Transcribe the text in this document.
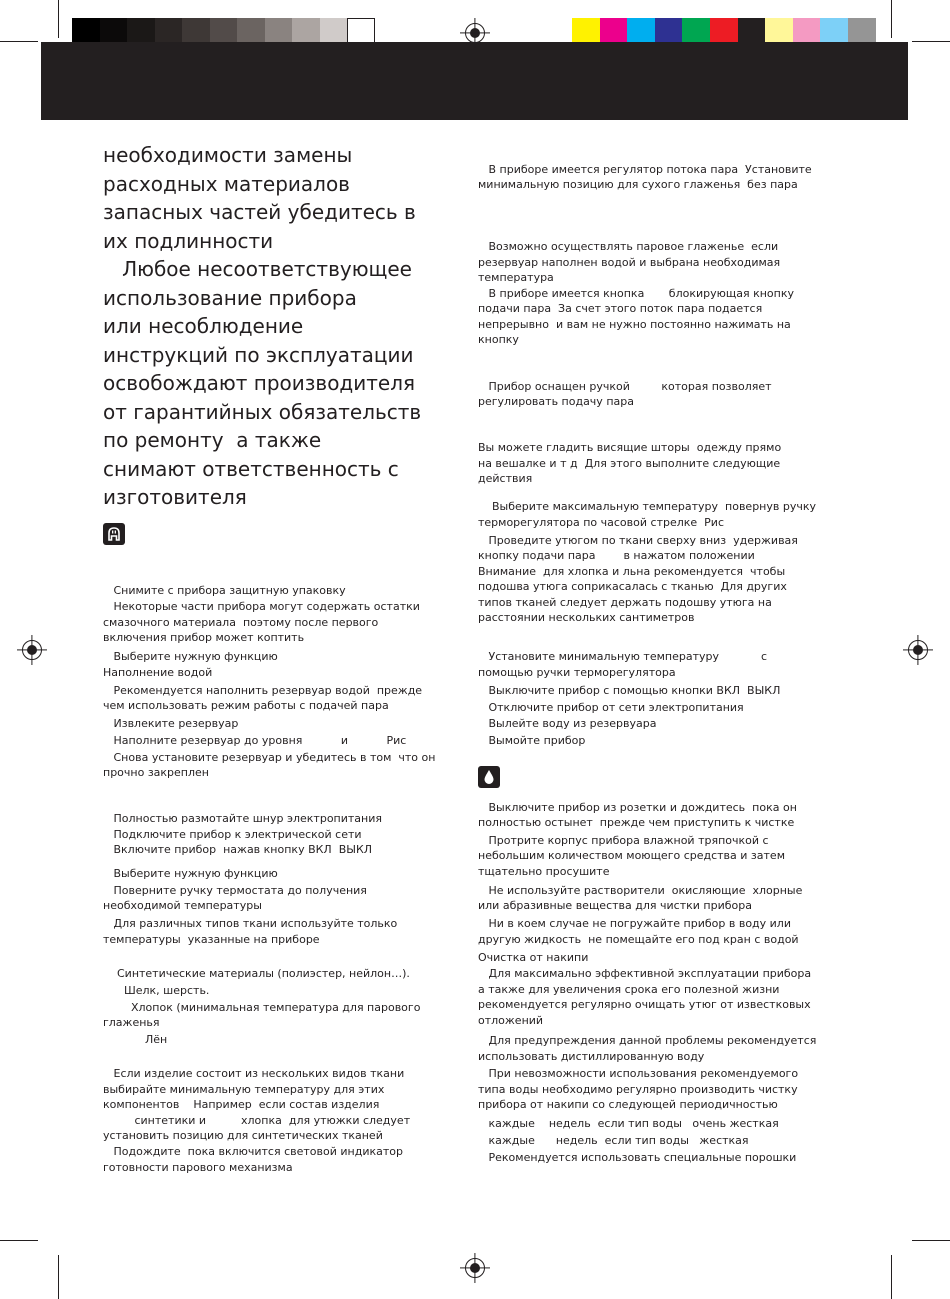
необходимости замены
расходных материалов
запасных частей убедитесь в
их подлинности
Любое несоответствующее
использование прибора
или несоблюдение
инструкций по эксплуатации
освобождают производителя
от гарантийных обязательств
по ремонту  а также
снимают ответственность с
изготовителя
Снимите с прибора защитную упаковку
Некоторые части прибора могут содержать остатки
смазочного материала  поэтому после первого
включения прибор может коптить
Выберите нужную функцию
Наполнение водой
Рекомендуется наполнить резервуар водой  прежде
чем использовать режим работы с подачей пара
Извлеките резервуар
Наполните резервуар до уровня           и           Рис
Снова установите резервуар и убедитесь в том  что он
прочно закреплен
Полностью размотайте шнур электропитания
Подключите прибор к электрической сети
Включите прибор  нажав кнопку ВКЛ  ВЫКЛ
Выберите нужную функцию
Поверните ручку термостата до получения
необходимой температуры
Для различных типов ткани используйте только
температуры  указанные на приборе
Синтетические материалы (полиэстер, нейлон…).
Шелк, шерсть.
Хлопок (минимальная температура для парового
глаженья
Лён
Если изделие состоит из нескольких видов ткани
выбирайте минимальную температуру для этих
компонентов    Например  если состав изделия
синтетики и          хлопка  для утюжки следует
установить позицию для синтетических тканей
Подождите  пока включится световой индикатор
готовности парового механизма
В приборе имеется регулятор потока пара  Установите
минимальную позицию для сухого глаженья  без пара
Возможно осуществлять паровое глаженье  если
резервуар наполнен водой и выбрана необходимая
температура
В приборе имеется кнопка       блокирующая кнопку
подачи пара  За счет этого поток пара подается
непрерывно  и вам не нужно постоянно нажимать на
кнопку
Прибор оснащен ручкой         которая позволяет
регулировать подачу пара
Вы можете гладить висящие шторы  одежду прямо
на вешалке и т д  Для этого выполните следующие
действия
Выберите максимальную температуру  повернув ручку
терморегулятора по часовой стрелке  Рис
Проведите утюгом по ткани сверху вниз  удерживая
кнопку подачи пара        в нажатом положении
Внимание  для хлопка и льна рекомендуется  чтобы
подошва утюга соприкасалась с тканью  Для других
типов тканей следует держать подошву утюга на
расстоянии нескольких сантиметров
Установите минимальную температуру            с
помощью ручки терморегулятора
Выключите прибор с помощью кнопки ВКЛ  ВЫКЛ
Отключите прибор от сети электропитания
Вылейте воду из резервуара
Вымойте прибор
Выключите прибор из розетки и дождитесь  пока он
полностью остынет  прежде чем приступить к чистке
Протрите корпус прибора влажной тряпочкой с
небольшим количеством моющего средства и затем
тщательно просушите
Не используйте растворители  окисляющие  хлорные
или абразивные вещества для чистки прибора
Ни в коем случае не погружайте прибор в воду или
другую жидкость  не помещайте его под кран с водой
Очистка от накипи
Для максимально эффективной эксплуатации прибора
а также для увеличения срока его полезной жизни
рекомендуется регулярно очищать утюг от известковых
отложений
Для предупреждения данной проблемы рекомендуется
использовать дистиллированную воду
При невозможности использования рекомендуемого
типа воды необходимо регулярно производить чистку
прибора от накипи со следующей периодичностью
каждые    недель  если тип воды   очень жесткая
каждые      недель  если тип воды   жесткая
Рекомендуется использовать специальные порошки
